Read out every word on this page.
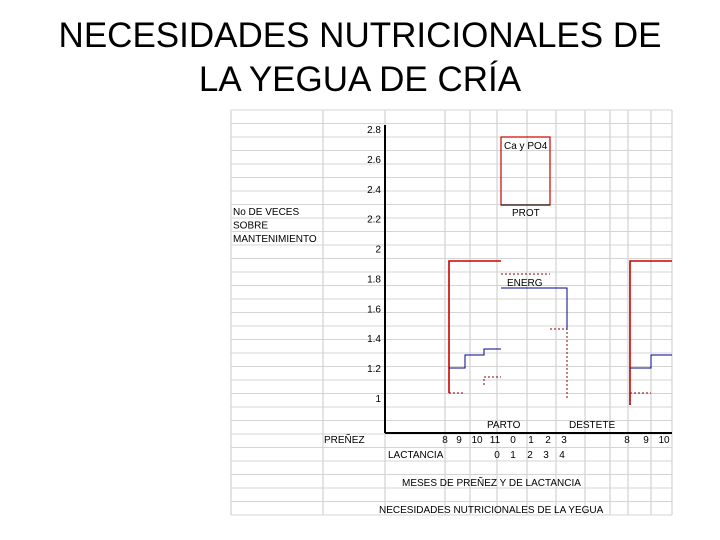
NECESIDADES NUTRICIONALES DE
LA YEGUA DE CRÍA
2.8
2.6
2.4
2.2
2
1.8
1.6
1.4
1.2
1
No DE VECES
SOBRE
MANTENIMIENTO
PREÑEZ
LACTANCIA
8 9 10 11 0 1 2 3	8 9 10
0 1 2 3 4
PARTO	DESTETE
Ca y PO4
PROT
ENERG
MESES DE PREÑEZ Y DE LACTANCIA
NECESIDADES NUTRICIONALES DE LA YEGUA
